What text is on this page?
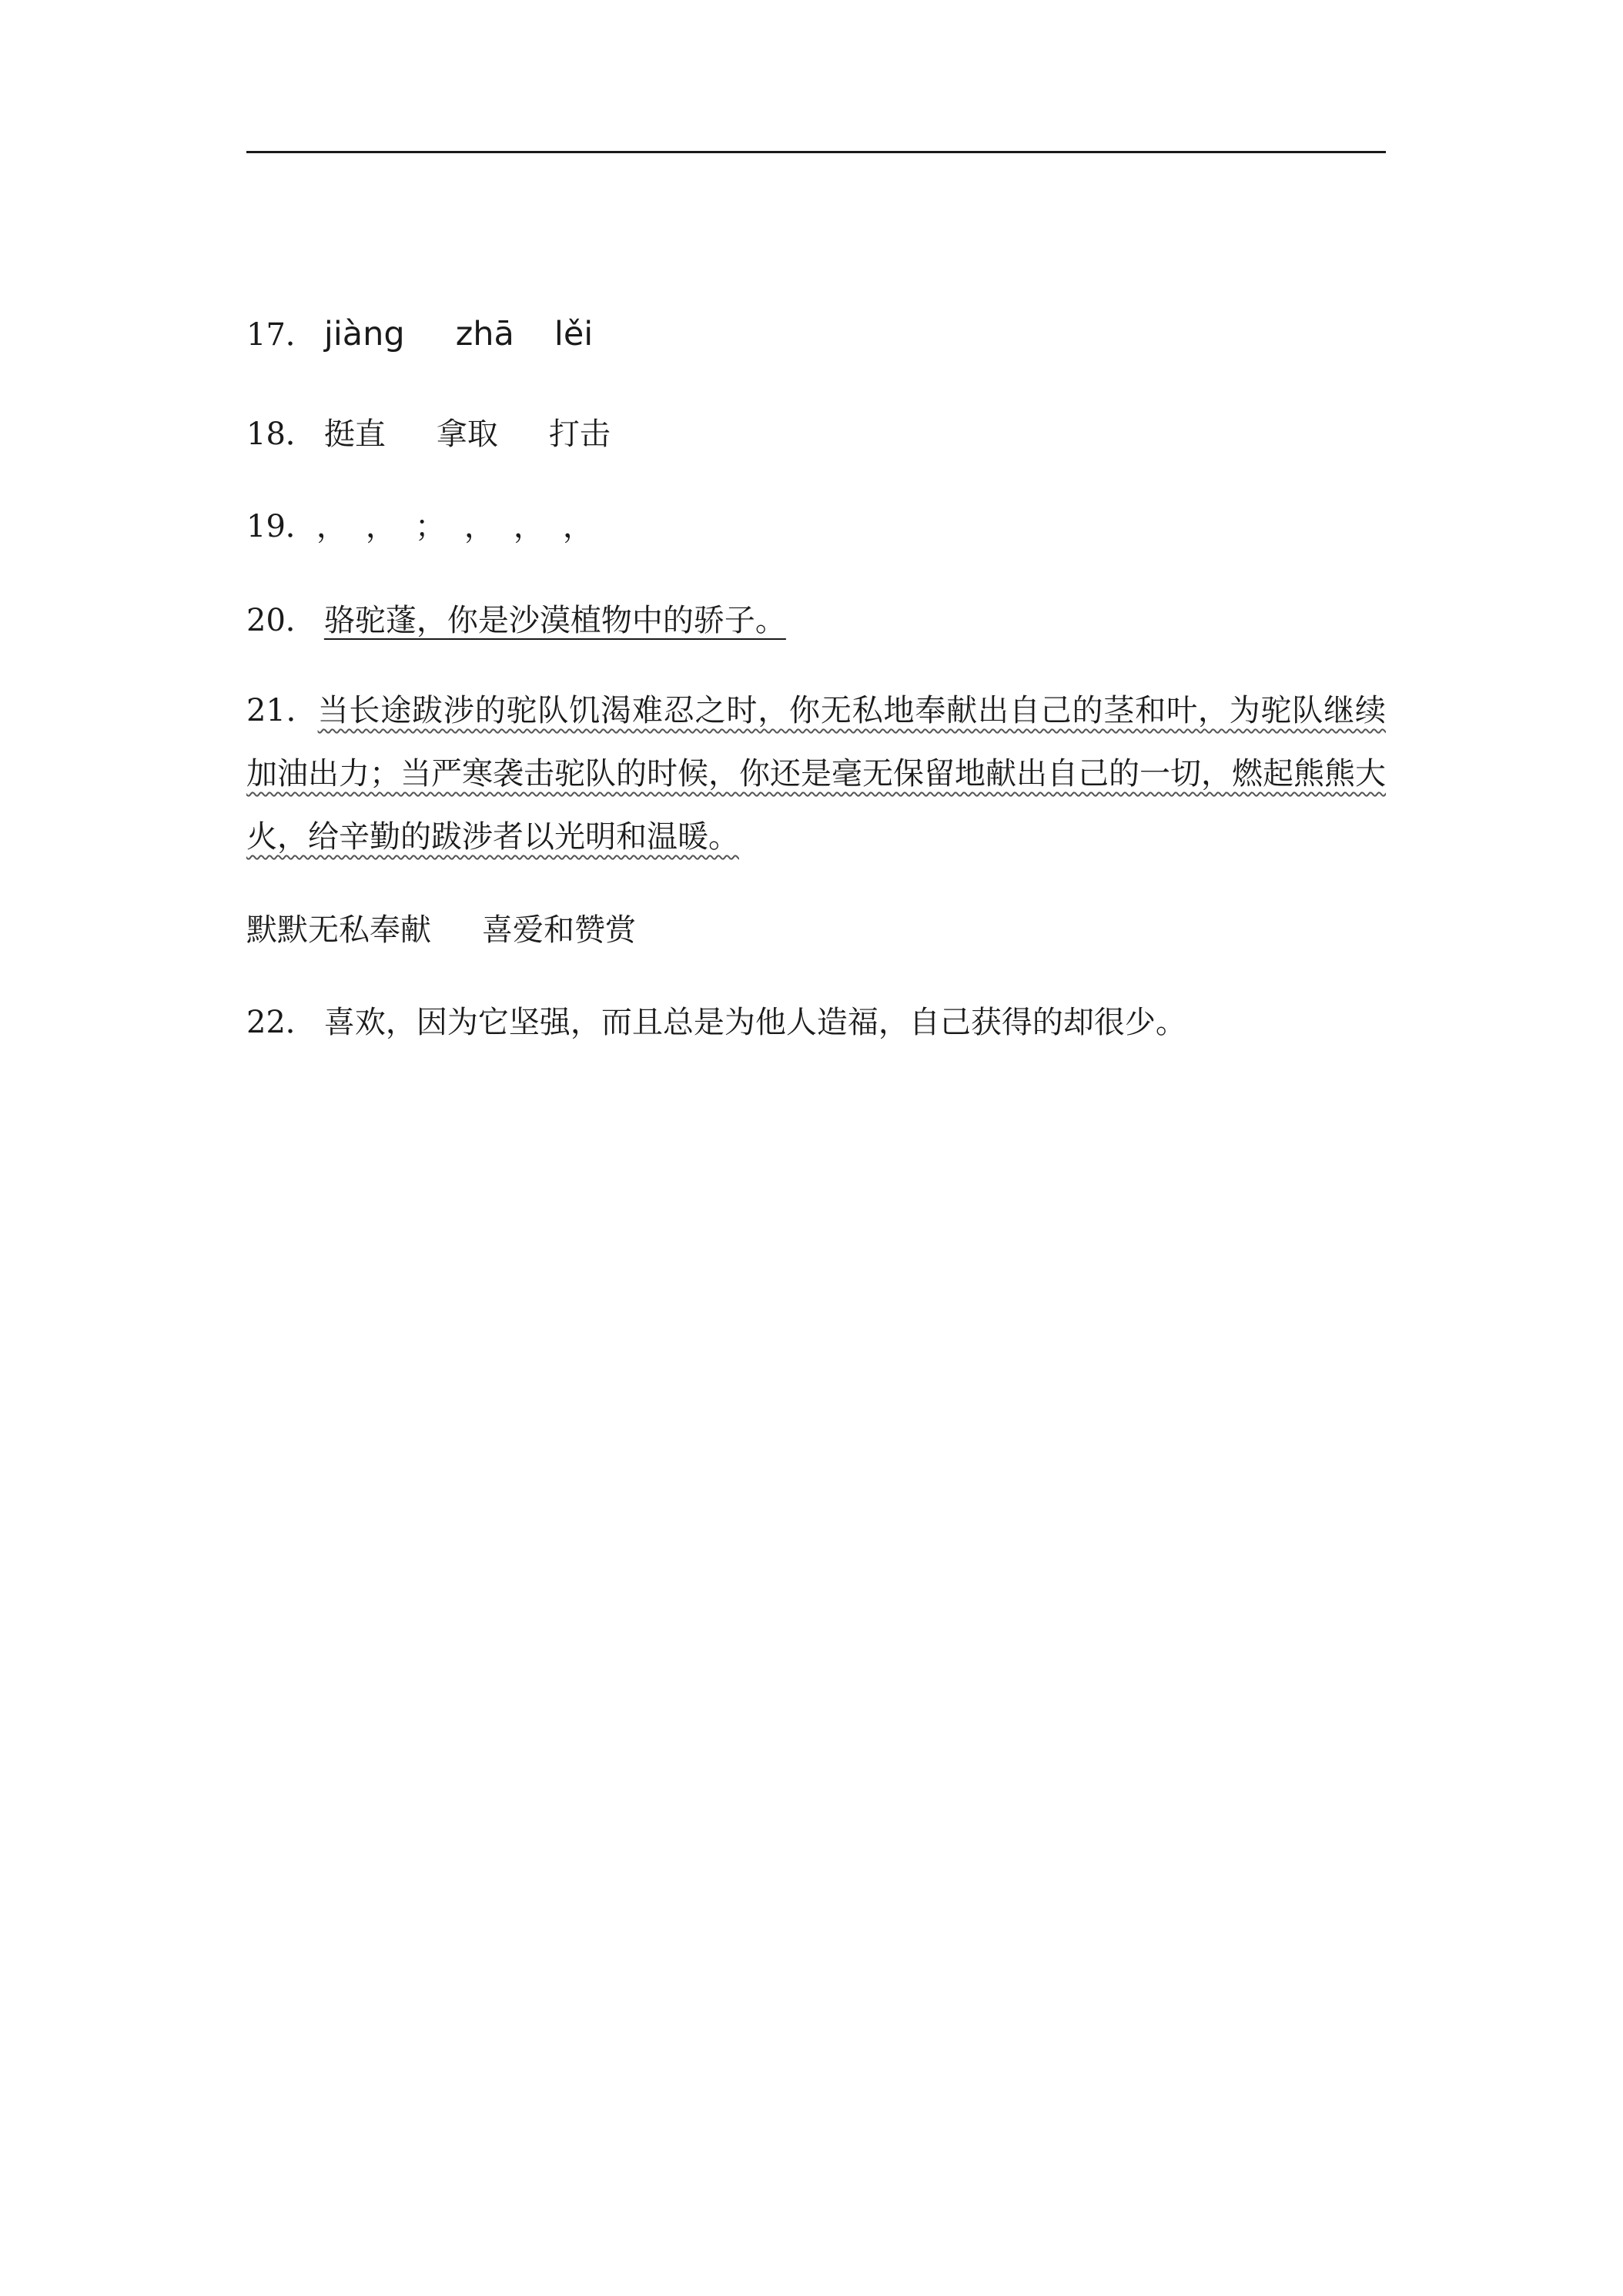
17． jiàng zhā lěi
18． 挺直 拿取 打击
19．， ， ； ， ， ，
20． 骆驼蓬，你是沙漠植物中的骄子。
21．当长途跋涉的驼队饥渴难忍之时，你无私地奉献出自己的茎和叶，为驼队继续加油出力；当严寒袭击驼队的时候，你还是毫无保留地献出自己的一切，燃起熊熊大火，给辛勤的跋涉者以光明和温暖。
默默无私奉献 喜爱和赞赏
22． 喜欢，因为它坚强，而且总是为他人造福，自己获得的却很少。
